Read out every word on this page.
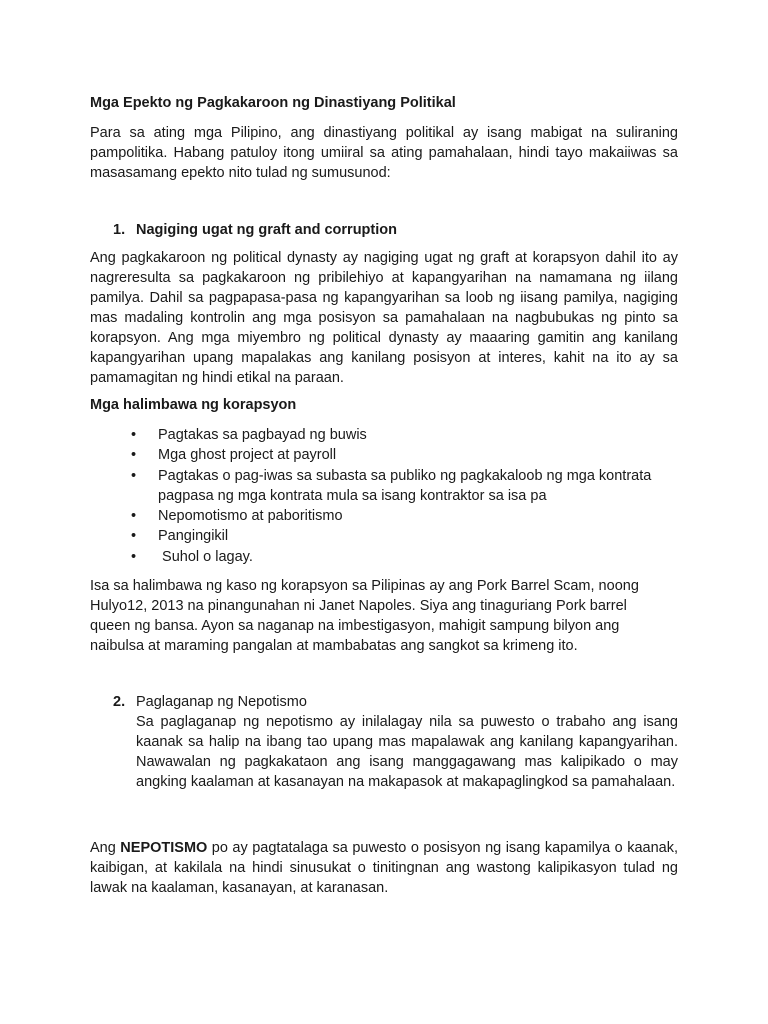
Mga Epekto ng Pagkakaroon ng Dinastiyang Politikal

Para sa ating mga Pilipino, ang dinastiyang politikal ay isang mabigat na suliraning pampolitika. Habang patuloy itong umiiral sa ating pamahalaan, hindi tayo makaiiwas sa masasamang epekto nito tulad ng sumusunod:

1. Nagiging ugat ng graft and corruption

Ang pagkakaroon ng political dynasty ay nagiging ugat ng graft at korapsyon dahil ito ay nagreresulta sa pagkakaroon ng pribilehiyo at kapangyarihan na namamana ng iilang pamilya. Dahil sa pagpapasa-pasa ng kapangyarihan sa loob ng iisang pamilya, nagiging mas madaling kontrolin ang mga posisyon sa pamahalaan na nagbubukas ng pinto sa korapsyon. Ang mga miyembro ng political dynasty ay maaaring gamitin ang kanilang kapangyarihan upang mapalakas ang kanilang posisyon at interes, kahit na ito ay sa pamamagitan ng hindi etikal na paraan.

Mga halimbawa ng korapsyon
• Pagtakas sa pagbayad ng buwis
• Mga ghost project at payroll
• Pagtakas o pag-iwas sa subasta sa publiko ng pagkakaloob ng mga kontrata pagpasa ng mga kontrata mula sa isang kontraktor sa isa pa
• Nepomotismo at paboritismo
• Pangingikil
• Suhol o lagay.
Isa sa halimbawa ng kaso ng korapsyon sa Pilipinas ay ang Pork Barrel Scam, noong
Hulyo12, 2013 na pinangunahan ni Janet Napoles. Siya ang tinaguriang Pork barrel
queen ng bansa. Ayon sa naganap na imbestigasyon, mahigit sampung bilyon ang
naibulsa at maraming pangalan at mambabatas ang sangkot sa krimeng ito.
2. Paglaganap ng Nepotismo

Sa paglaganap ng nepotismo ay inilalagay nila sa puwesto o trabaho ang isang kaanak sa halip na ibang tao upang mas mapalawak ang kanilang kapangyarihan. Nawawalan ng pagkakataon ang isang manggagawang mas kalipikado o may angking kaalaman at kasanayan na makapasok at makapaglingkod sa pamahalaan.

Ang NEPOTISMO po ay pagtatalaga sa puwesto o posisyon ng isang kapamilya o kaanak, kaibigan, at kakilala na hindi sinusukat o tinitingnan ang wastong kalipikasyon tulad ng lawak na kaalaman, kasanayan, at karanasan.
